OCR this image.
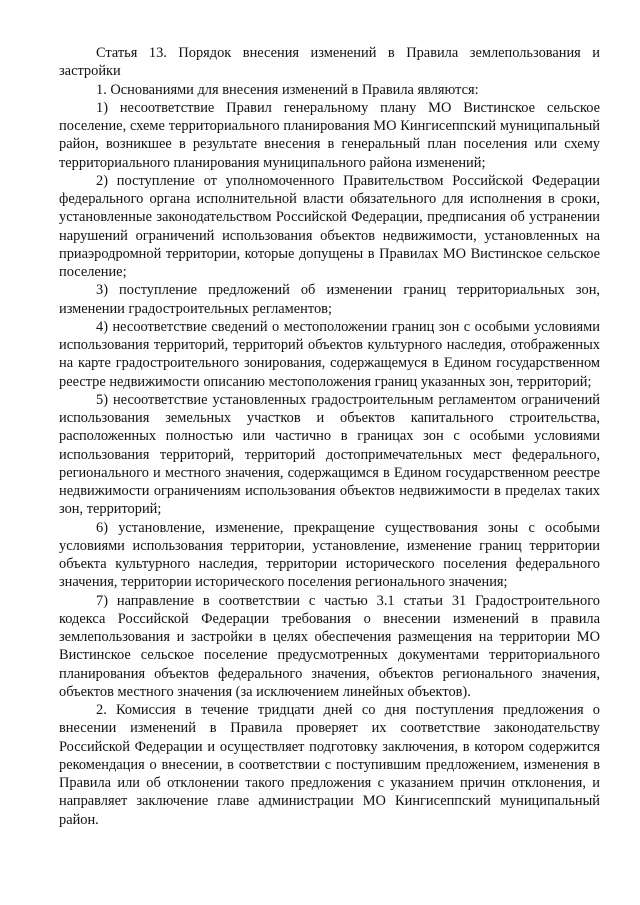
Статья 13. Порядок внесения изменений в Правила землепользования и застройки

1. Основаниями для внесения изменений в Правила являются:

1) несоответствие Правил генеральному плану МО Вистинское сельское поселение, схеме территориального планирования МО Кингисеппский муниципальный район, возникшее в результате внесения в генеральный план поселения или схему территориального планирования муниципального района изменений;

2) поступление от уполномоченного Правительством Российской Федерации федерального органа исполнительной власти обязательного для исполнения в сроки, установленные законодательством Российской Федерации, предписания об устранении нарушений ограничений использования объектов недвижимости, установленных на приаэродромной территории, которые допущены в Правилах МО Вистинское сельское поселение;

3) поступление предложений об изменении границ территориальных зон, изменении градостроительных регламентов;

4) несоответствие сведений о местоположении границ зон с особыми условиями использования территорий, территорий объектов культурного наследия, отображенных на карте градостроительного зонирования, содержащемуся в Едином государственном реестре недвижимости описанию местоположения границ указанных зон, территорий;

5) несоответствие установленных градостроительным регламентом ограничений использования земельных участков и объектов капитального строительства, расположенных полностью или частично в границах зон с особыми условиями использования территорий, территорий достопримечательных мест федерального, регионального и местного значения, содержащимся в Едином государственном реестре недвижимости ограничениям использования объектов недвижимости в пределах таких зон, территорий;

6) установление, изменение, прекращение существования зоны с особыми условиями использования территории, установление, изменение границ территории объекта культурного наследия, территории исторического поселения федерального значения, территории исторического поселения регионального значения;

7) направление в соответствии с частью 3.1 статьи 31 Градостроительного кодекса Российской Федерации требования о внесении изменений в правила землепользования и застройки в целях обеспечения размещения на территории МО Вистинское сельское поселение предусмотренных документами территориального планирования объектов федерального значения, объектов регионального значения, объектов местного значения (за исключением линейных объектов).

2. Комиссия в течение тридцати дней со дня поступления предложения о внесении изменений в Правила проверяет их соответствие законодательству Российской Федерации и осуществляет подготовку заключения, в котором содержится рекомендация о внесении, в соответствии с поступившим предложением, изменения в Правила или об отклонении такого предложения с указанием причин отклонения, и направляет заключение главе администрации МО Кингисеппский муниципальный район.
